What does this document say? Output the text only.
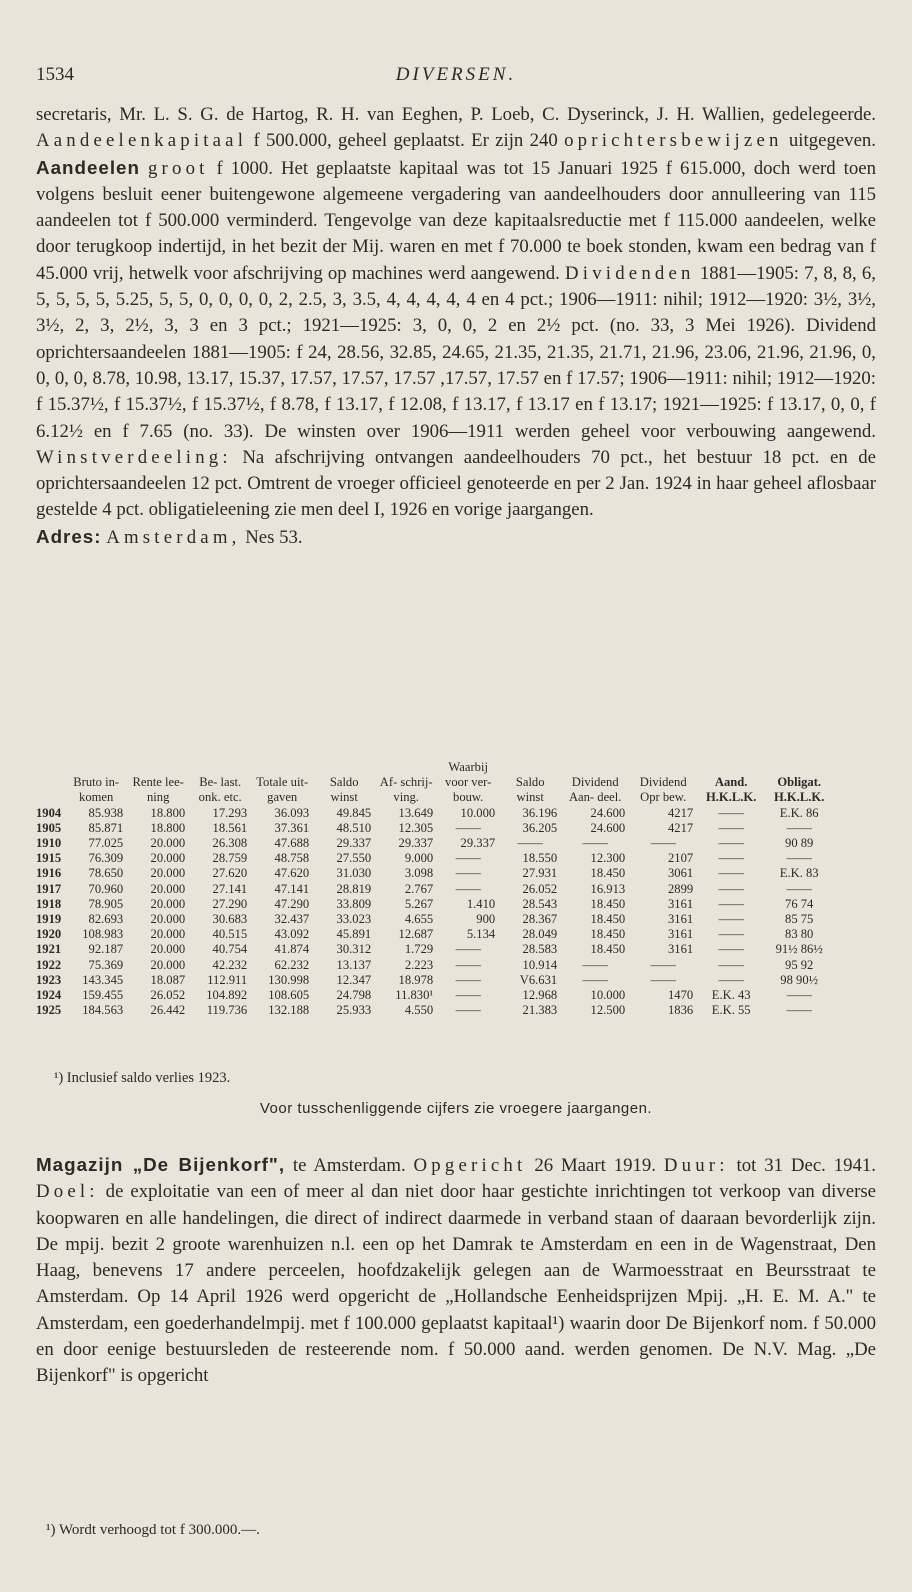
1534	DIVERSEN.
secretaris, Mr. L. S. G. de Hartog, R. H. van Eeghen, P. Loeb, C. Dyserinck, J. H. Wallien, gedelegeerde. Aandeelenkapitaal f 500.000, geheel geplaatst. Er zijn 240 oprichtersbewijzen uitgegeven. Aandeelen groot f 1000. Het geplaatste kapitaal was tot 15 Januari 1925 f 615.000, doch werd toen volgens besluit eener buitengewone algemeene vergadering van aandeelhouders door annulleering van 115 aandeelen tot f 500.000 verminderd. Tengevolge van deze kapitaalsreductie met f 115.000 aandeelen, welke door terugkoop indertijd, in het bezit der Mij. waren en met f 70.000 te boek stonden, kwam een bedrag van f 45.000 vrij, hetwelk voor afschrijving op machines werd aangewend. Dividenden 1881—1905: 7, 8, 8, 6, 5, 5, 5, 5, 5.25, 5, 5, 0, 0, 0, 0, 2, 2.5, 3, 3.5, 4, 4, 4, 4, 4 en 4 pct.; 1906—1911: nihil; 1912—1920: 3½, 3½, 3½, 2, 3, 2½, 3, 3 en 3 pct.; 1921—1925: 3, 0, 0, 2 en 2½ pct. (no. 33, 3 Mei 1926). Dividend oprichtersaandeelen 1881—1905: f 24, 28.56, 32.85, 24.65, 21.35, 21.35, 21.71, 21.96, 23.06, 21.96, 21.96, 0, 0, 0, 0, 8.78, 10.98, 13.17, 15.37, 17.57, 17.57, 17.57 ,17.57, 17.57 en f 17.57; 1906—1911: nihil; 1912—1920: f 15.37½, f 15.37½, f 15.37½, f 8.78, f 13.17, f 12.08, f 13.17, f 13.17 en f 13.17; 1921—1925: f 13.17, 0, 0, f 6.12½ en f 7.65 (no. 33). De winsten over 1906—1911 werden geheel voor verbouwing aangewend. Winstverdeeling: Na afschrijving ontvangen aandeelhouders 70 pct., het bestuur 18 pct. en de oprichtersaandeelen 12 pct. Omtrent de vroeger officieel genoteerde en per 2 Jan. 1924 in haar geheel aflosbaar gestelde 4 pct. obligatieleening zie men deel I, 1926 en vorige jaargangen.
Adres: Amsterdam, Nes 53.
	Bruto in- komen	Rente lee- ning	Be- last. onk. etc.	Totale uit- gaven	Saldo winst	Af- schrij- ving.	Waarbij voor ver- bouw.	Saldo winst	Dividend Aan- deel.	Dividend Opr bew.	Aand. H.K.L.K.	Obligat. H.K.L.K.
1904	85.938	18.800	17.293	36.093	49.845	13.649	10.000	36.196	24.600	4217	——	E.K. 86
1905	85.871	18.800	18.561	37.361	48.510	12.305	——	36.205	24.600	4217	——	——
1910	77.025	20.000	26.308	47.688	29.337	29.337	29.337	——	——	——	——	90 89
1915	76.309	20.000	28.759	48.758	27.550	9.000	——	18.550	12.300	2107	——	——
1916	78.650	20.000	27.620	47.620	31.030	3.098	——	27.931	18.450	3061	——	E.K. 83
1917	70.960	20.000	27.141	47.141	28.819	2.767	——	26.052	16.913	2899	——	——
1918	78.905	20.000	27.290	47.290	33.809	5.267	1.410	28.543	18.450	3161	——	76 74
1919	82.693	20.000	30.683	32.437	33.023	4.655	900	28.367	18.450	3161	——	85 75
1920	108.983	20.000	40.515	43.092	45.891	12.687	5.134	28.049	18.450	3161	——	83 80
1921	92.187	20.000	40.754	41.874	30.312	1.729	——	28.583	18.450	3161	——	91½ 86½
1922	75.369	20.000	42.232	62.232	13.137	2.223	——	10.914	——	——	——	95 92
1923	143.345	18.087	112.911	130.998	12.347	18.978	——	V6.631	——	——	——	98 90½
1924	159.455	26.052	104.892	108.605	24.798	11.830¹	——	12.968	10.000	1470	E.K. 43	——
1925	184.563	26.442	119.736	132.188	25.933	4.550	——	21.383	12.500	1836	E.K. 55	——
¹) Inclusief saldo verlies 1923.
Voor tusschenliggende cijfers zie vroegere jaargangen.
Magazijn „De Bijenkorf", te Amsterdam. Opgericht 26 Maart 1919. Duur: tot 31 Dec. 1941. Doel: de exploitatie van een of meer al dan niet door haar gestichte inrichtingen tot verkoop van diverse koopwaren en alle handelingen, die direct of indirect daarmede in verband staan of daaraan bevorderlijk zijn. De mpij. bezit 2 groote warenhuizen n.l. een op het Damrak te Amsterdam en een in de Wagenstraat, Den Haag, benevens 17 andere perceelen, hoofdzakelijk gelegen aan de Warmoesstraat en Beursstraat te Amsterdam. Op 14 April 1926 werd opgericht de „Hollandsche Eenheidsprijzen Mpij. „H. E. M. A." te Amsterdam, een goederhandelmpij. met f 100.000 geplaatst kapitaal¹) waarin door De Bijenkorf nom. f 50.000 en door eenige bestuursleden de resteerende nom. f 50.000 aand. werden genomen. De N.V. Mag. „De Bijenkorf" is opgericht
¹) Wordt verhoogd tot f 300.000.—.
